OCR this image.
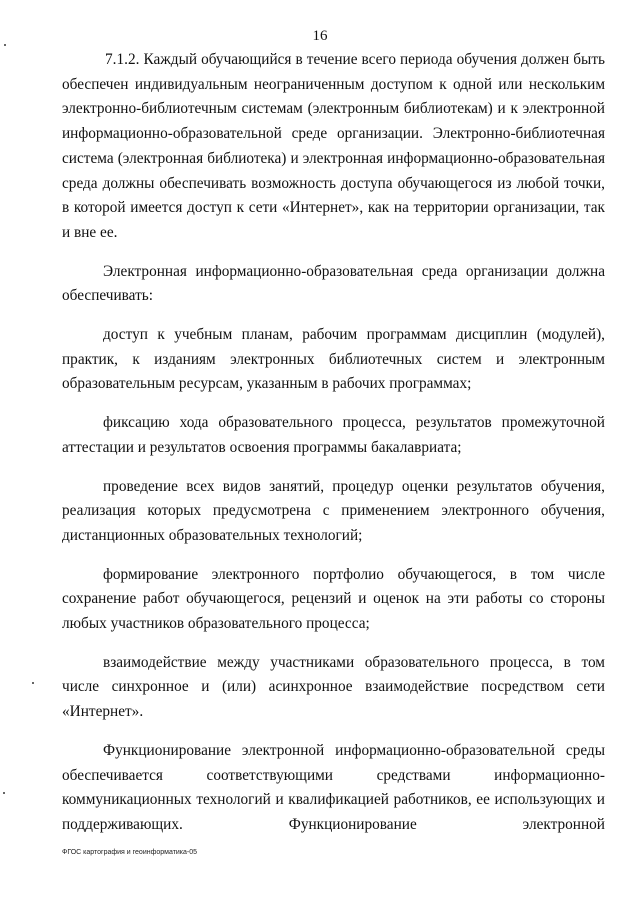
16

7.1.2. Каждый обучающийся в течение всего периода обучения должен быть обеспечен индивидуальным неограниченным доступом к одной или нескольким электронно-библиотечным системам (электронным библиотекам) и к электронной информационно-образовательной среде организации. Электронно-библиотечная система (электронная библиотека) и электронная информационно-образовательная среда должны обеспечивать возможность доступа обучающегося из любой точки, в которой имеется доступ к сети «Интернет», как на территории организации, так и вне ее.

Электронная информационно-образовательная среда организации должна обеспечивать:

доступ к учебным планам, рабочим программам дисциплин (модулей), практик, к изданиям электронных библиотечных систем и электронным образовательным ресурсам, указанным в рабочих программах;

фиксацию хода образовательного процесса, результатов промежуточной аттестации и результатов освоения программы бакалавриата;

проведение всех видов занятий, процедур оценки результатов обучения, реализация которых предусмотрена с применением электронного обучения, дистанционных образовательных технологий;

формирование электронного портфолио обучающегося, в том числе сохранение работ обучающегося, рецензий и оценок на эти работы со стороны любых участников образовательного процесса;

взаимодействие между участниками образовательного процесса, в том числе синхронное и (или) асинхронное взаимодействие посредством сети «Интернет».

Функционирование электронной информационно-образовательной среды обеспечивается соответствующими средствами информационно-коммуникационных технологий и квалификацией работников, ее использующих и поддерживающих. Функционирование электронной

ФГОС картография и геоинформатика-05
